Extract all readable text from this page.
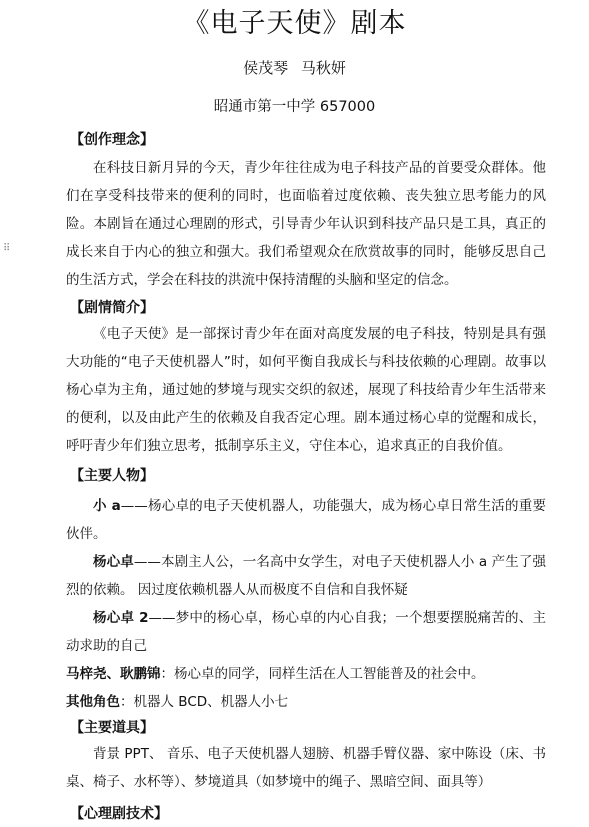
⠿
《电子天使》剧本
侯茂琴 马秋妍
昭通市第一中学 657000
【创作理念】

在科技日新月异的今天，青少年往往成为电子科技产品的首要受众群体。他们在享受科技带来的便利的同时，也面临着过度依赖、丧失独立思考能力的风险。本剧旨在通过心理剧的形式，引导青少年认识到科技产品只是工具，真正的成长来自于内心的独立和强大。我们希望观众在欣赏故事的同时，能够反思自己的生活方式，学会在科技的洪流中保持清醒的头脑和坚定的信念。

【剧情简介】

《电子天使》是一部探讨青少年在面对高度发展的电子科技，特别是具有强大功能的“电子天使机器人”时，如何平衡自我成长与科技依赖的心理剧。故事以杨心卓为主角，通过她的梦境与现实交织的叙述，展现了科技给青少年生活带来的便利，以及由此产生的依赖及自我否定心理。剧本通过杨心卓的觉醒和成长，呼吁青少年们独立思考，抵制享乐主义，守住本心，追求真正的自我价值。

【主要人物】

小 a——杨心卓的电子天使机器人，功能强大，成为杨心卓日常生活的重要伙伴。

杨心卓——本剧主人公，一名高中女学生，对电子天使机器人小 a 产生了强烈的依赖。 因过度依赖机器人从而极度不自信和自我怀疑

杨心卓 2——梦中的杨心卓，杨心卓的内心自我；一个想要摆脱痛苦的、主动求助的自己

马梓尧、耿鹏锦：杨心卓的同学，同样生活在人工智能普及的社会中。

其他角色：机器人 BCD、机器人小七

【主要道具】

背景 PPT、 音乐、电子天使机器人翅膀、机器手臂仪器、家中陈设（床、书桌、椅子、水杯等）、梦境道具（如梦境中的绳子、黑暗空间、面具等）

【心理剧技术】
